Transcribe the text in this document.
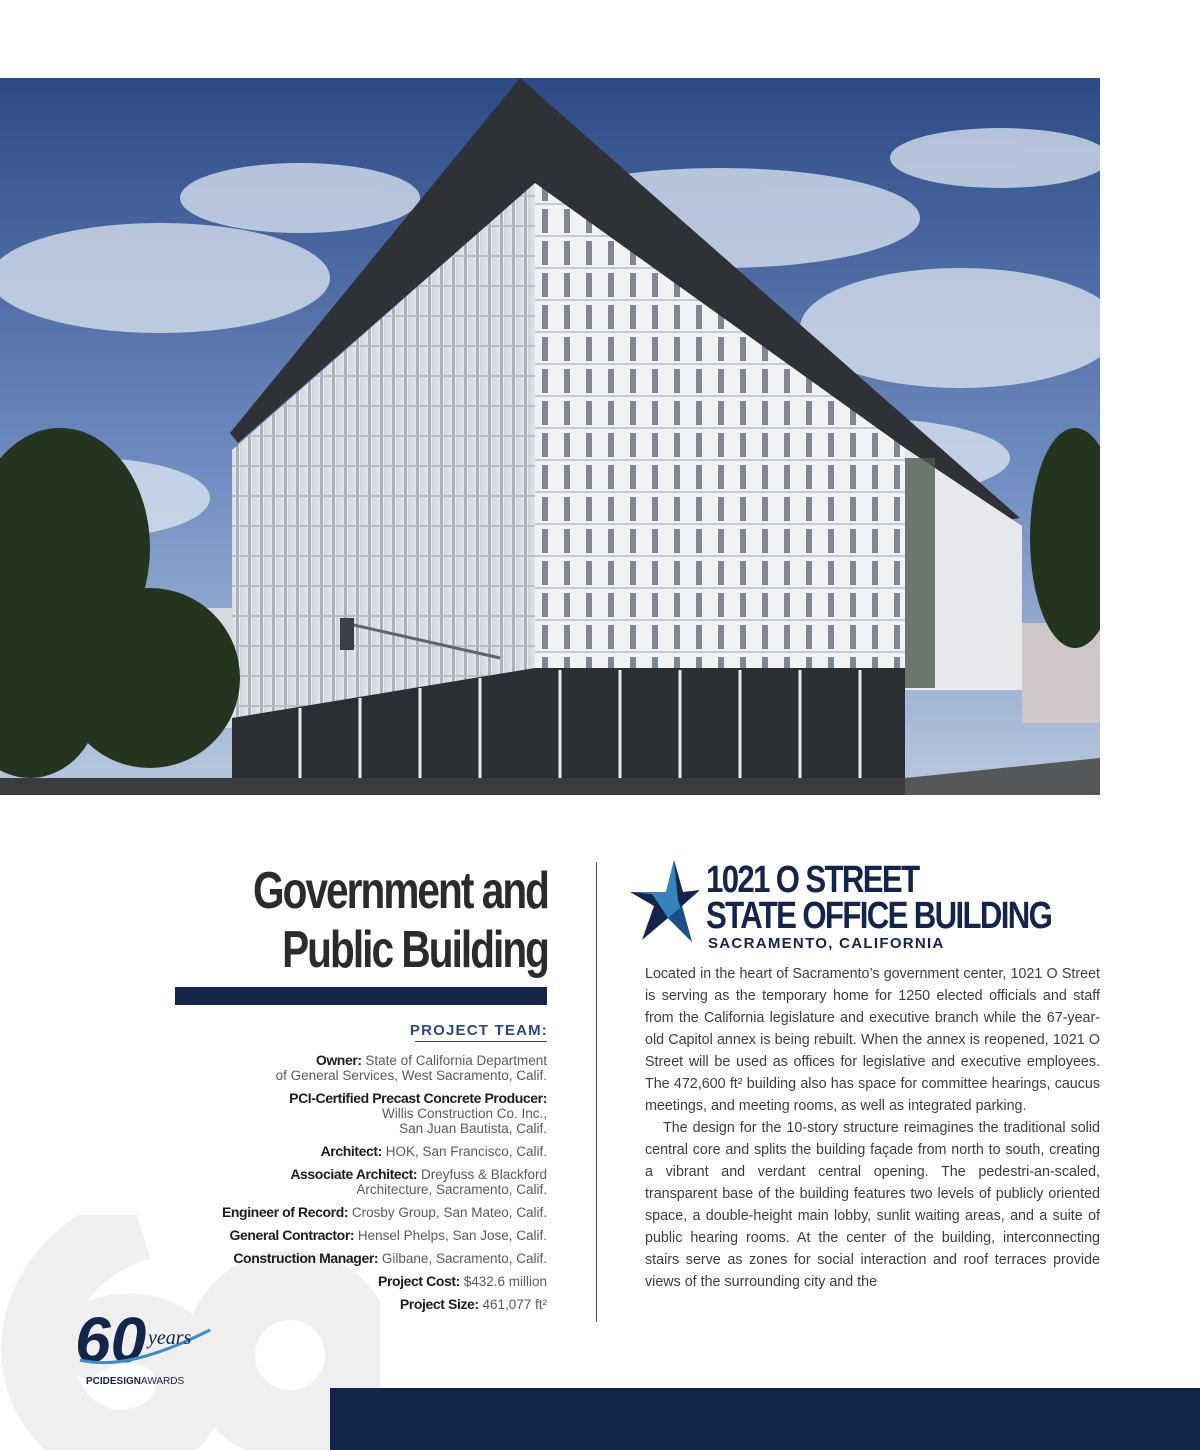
Government and
Public Building
PROJECT TEAM:
Owner: State of California Department
of General Services, West Sacramento, Calif.
PCI-Certified Precast Concrete Producer:
Willis Construction Co. Inc.,
San Juan Bautista, Calif.
Architect: HOK, San Francisco, Calif.
Associate Architect: Dreyfuss & Blackford
Architecture, Sacramento, Calif.
Engineer of Record: Crosby Group, San Mateo, Calif.
General Contractor: Hensel Phelps, San Jose, Calif.
Construction Manager: Gilbane, Sacramento, Calif.
Project Cost: $432.6 million
Project Size: 461,077 ft²
1021 O STREET
STATE OFFICE BUILDING
SACRAMENTO, CALIFORNIA

Located in the heart of Sacramento’s government center, 1021 O Street is serving as the temporary home for 1250 elected officials and staff from the California legislature and executive branch while the 67-year-old Capitol annex is being rebuilt. When the annex is reopened, 1021 O Street will be used as offices for legislative and executive employees. The 472,600 ft² building also has space for committee hearings, caucus meetings, and meeting rooms, as well as integrated parking.

The design for the 10-story structure reimagines the traditional solid central core and splits the building façade from north to south, creating a vibrant and verdant central opening. The pedestri-an-scaled, transparent base of the building features two levels of publicly oriented space, a double-height main lobby, sunlit waiting areas, and a suite of public hearing rooms. At the center of the building, interconnecting stairs serve as zones for social interaction and roof terraces provide views of the surrounding city and the

60 years
PCIDESIGNAWARDS
